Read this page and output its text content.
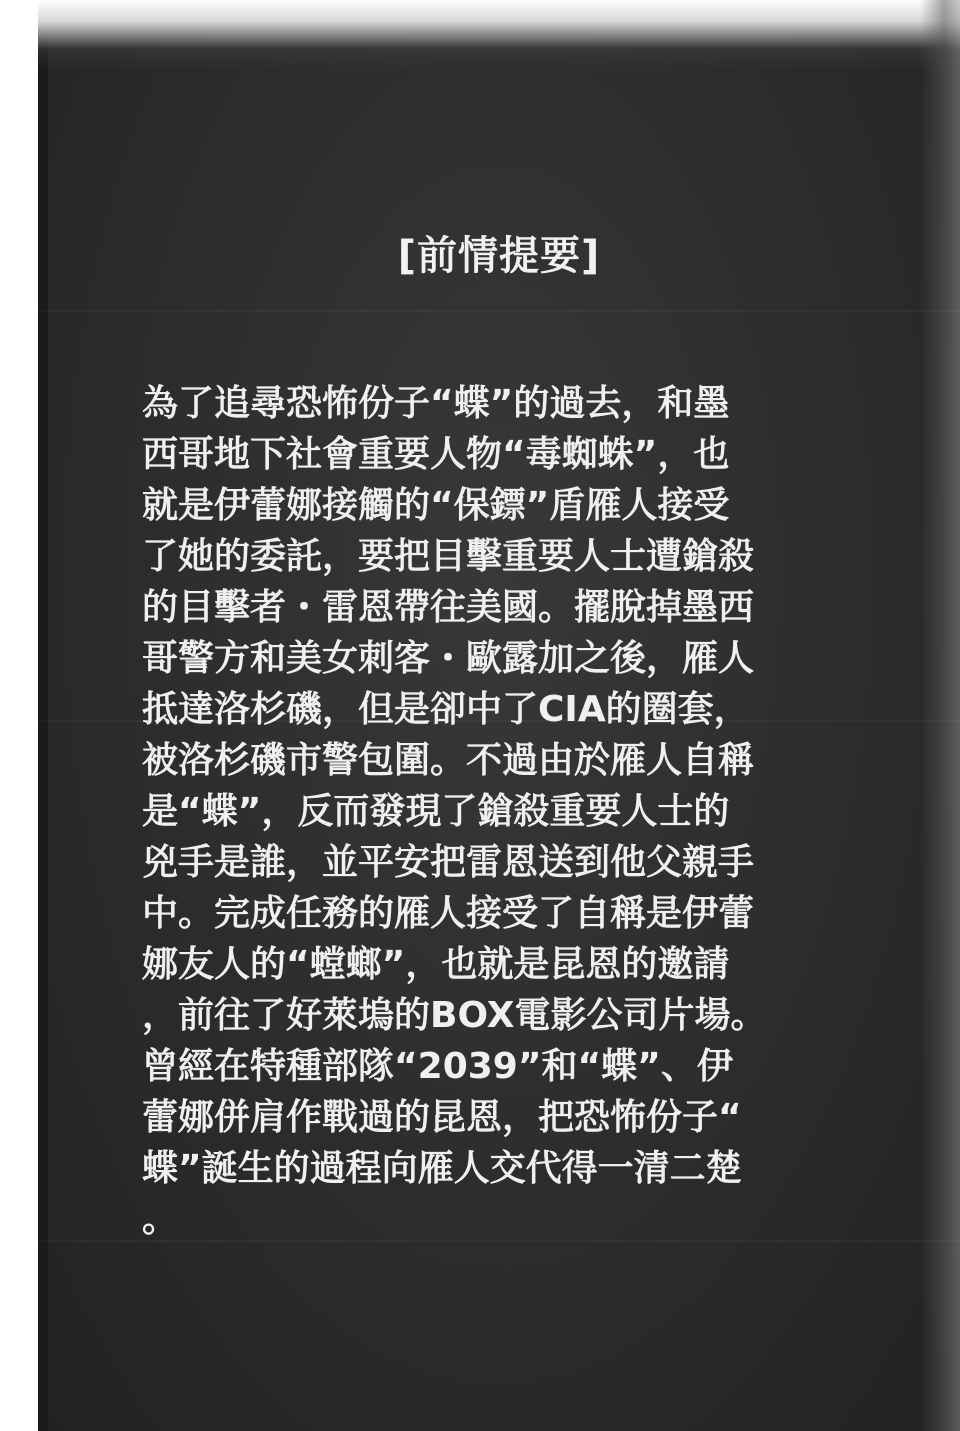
[前情提要]
為了追尋恐怖份子“蝶”的過去，和墨
西哥地下社會重要人物“毒蜘蛛”，也
就是伊蕾娜接觸的“保鏢”盾雁人接受
了她的委託，要把目擊重要人士遭鎗殺
的目擊者・雷恩帶往美國。擺脫掉墨西
哥警方和美女刺客・歐露加之後，雁人
抵達洛杉磯，但是卻中了CIA的圈套，
被洛杉磯市警包圍。不過由於雁人自稱
是“蝶”，反而發現了鎗殺重要人士的
兇手是誰，並平安把雷恩送到他父親手
中。完成任務的雁人接受了自稱是伊蕾
娜友人的“螳螂”，也就是昆恩的邀請
，前往了好萊塢的BOX電影公司片場。
曾經在特種部隊“2039”和“蝶”、伊
蕾娜併肩作戰過的昆恩，把恐怖份子“
蝶”誕生的過程向雁人交代得一清二楚
。
